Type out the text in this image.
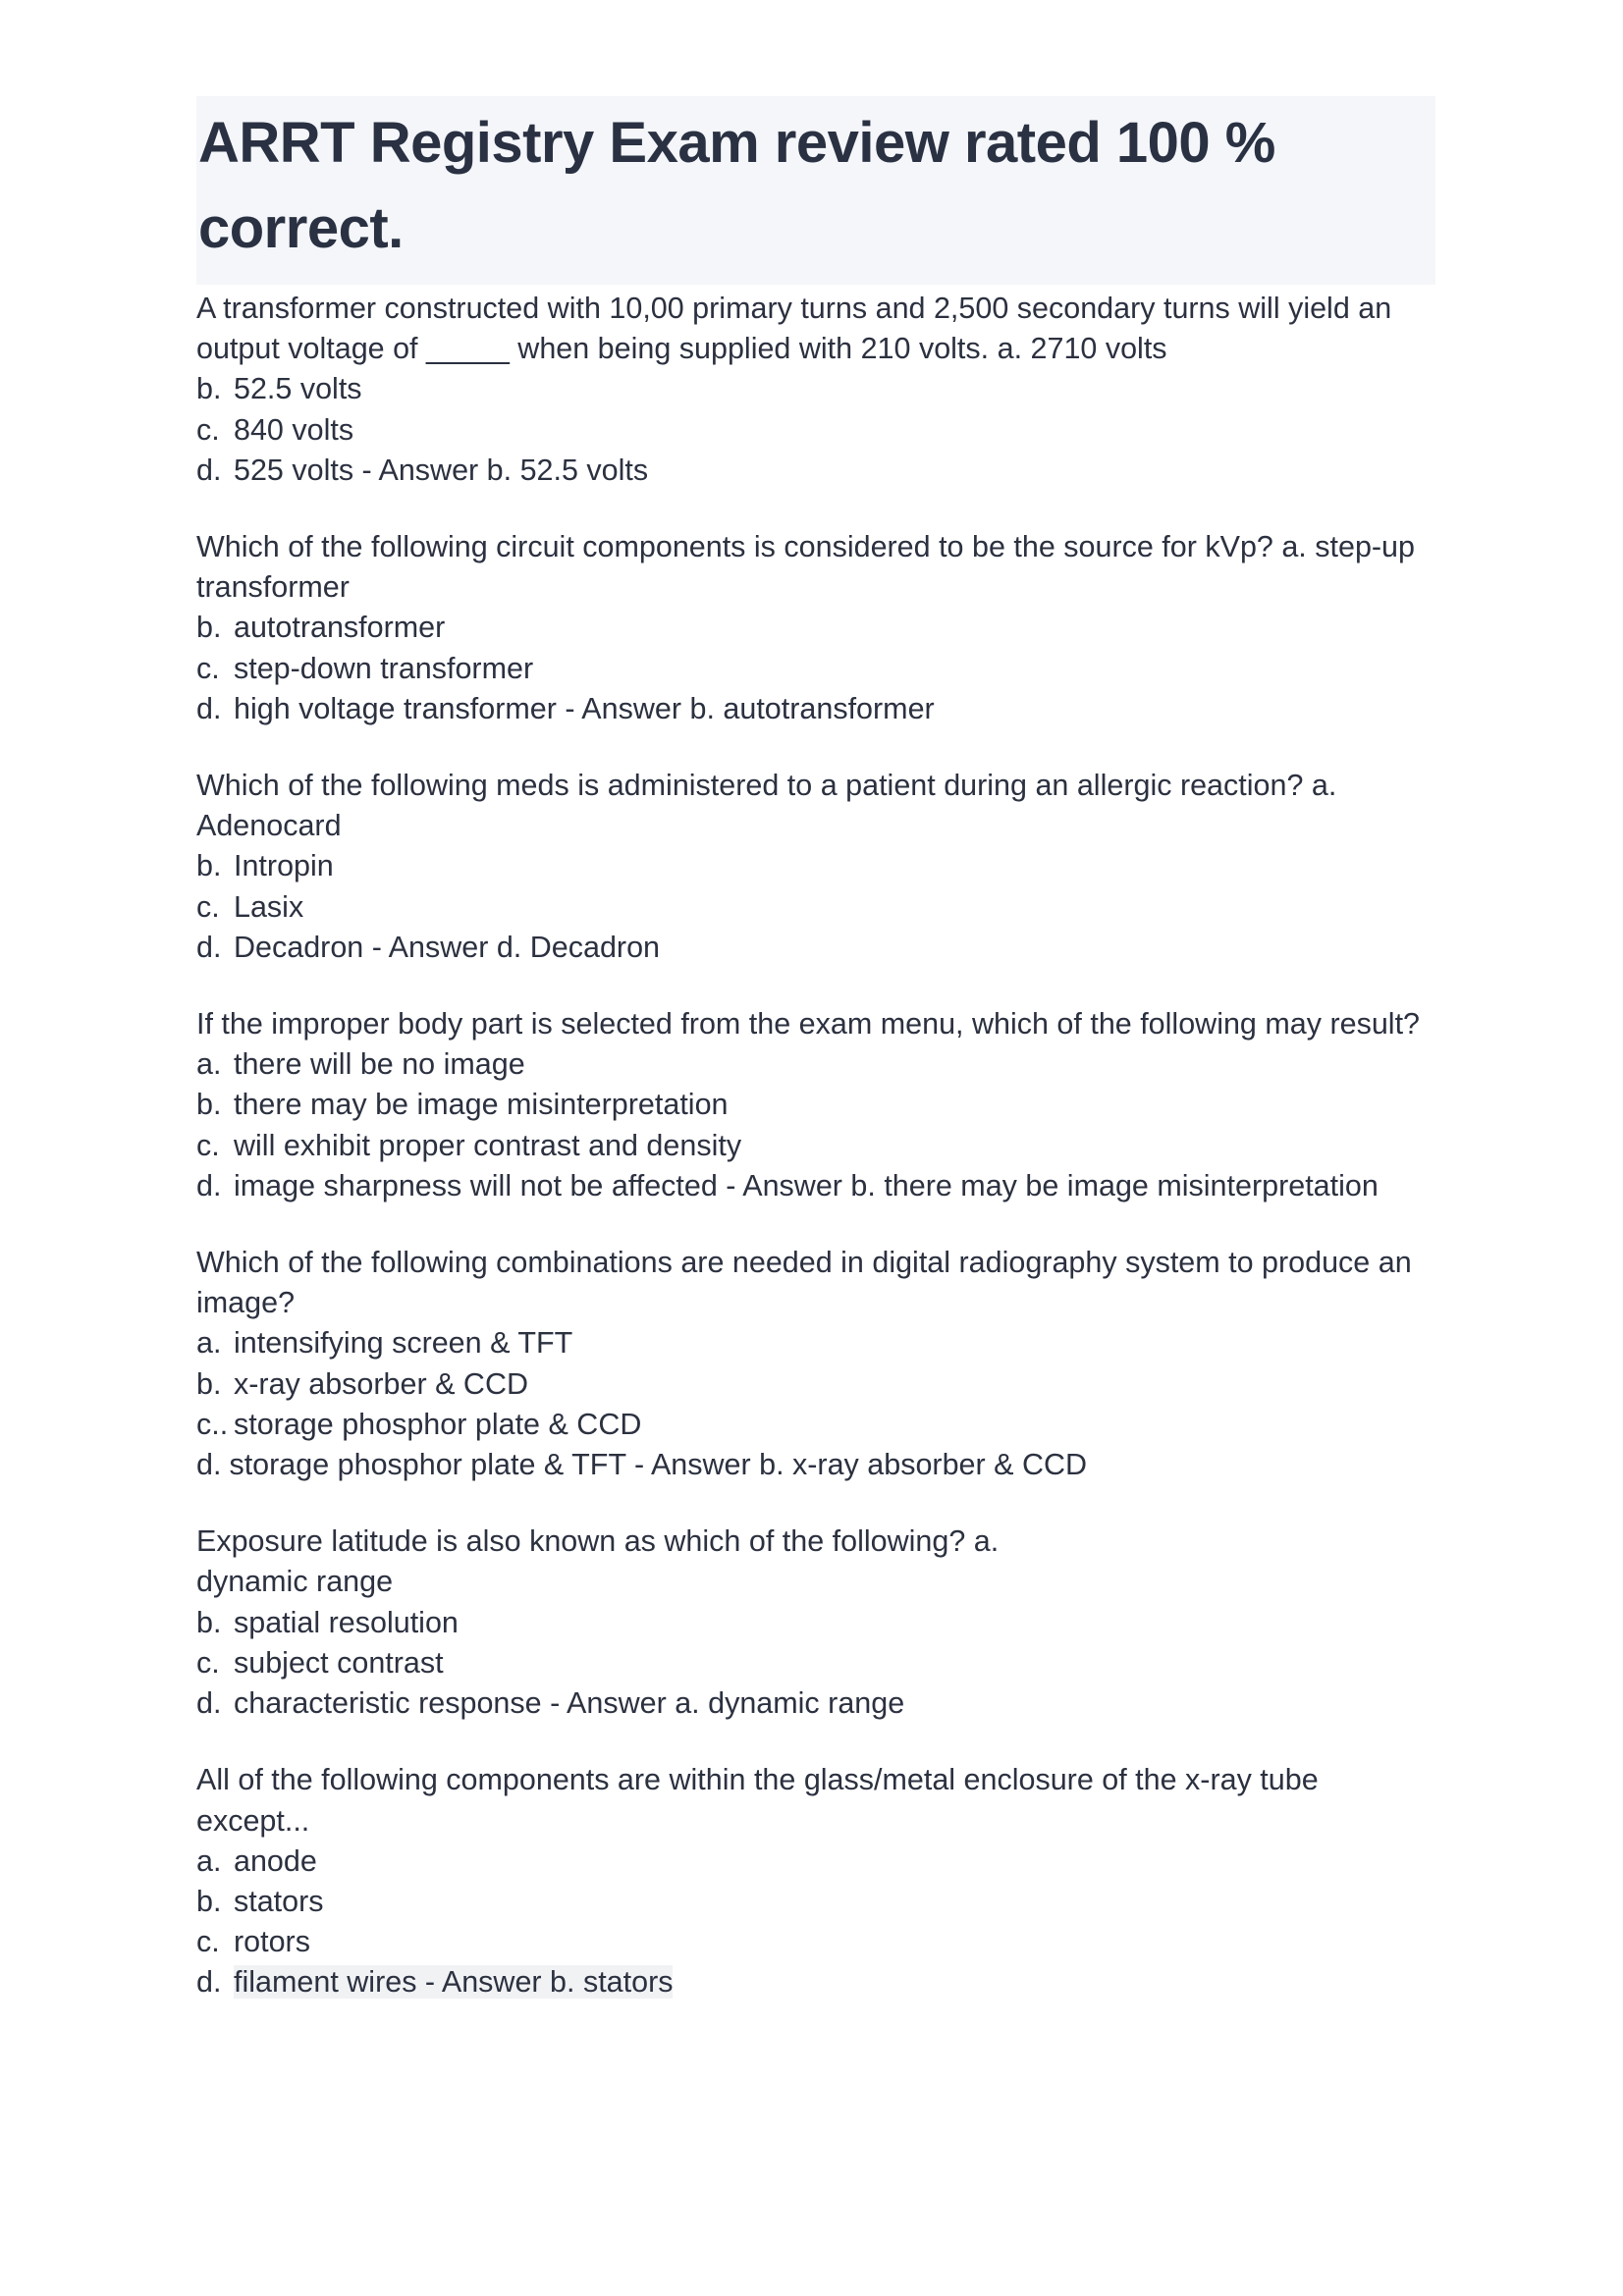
ARRT Registry Exam review rated 100 % correct.
A transformer constructed with 10,00 primary turns and 2,500 secondary turns will yield an output voltage of _____ when being supplied with 210 volts. a. 2710 volts
b. 52.5 volts
c. 840 volts
d. 525 volts - Answer b. 52.5 volts
Which of the following circuit components is considered to be the source for kVp? a. step-up transformer
b. autotransformer
c. step-down transformer
d. high voltage transformer - Answer b. autotransformer
Which of the following meds is administered to a patient during an allergic reaction? a. Adenocard
b. Intropin
c. Lasix
d. Decadron - Answer d. Decadron
If the improper body part is selected from the exam menu, which of the following may result?
a. there will be no image
b. there may be image misinterpretation
c. will exhibit proper contrast and density
d. image sharpness will not be affected - Answer b. there may be image misinterpretation
Which of the following combinations are needed in digital radiography system to produce an image?
a. intensifying screen & TFT
b. x-ray absorber & CCD
c.. storage phosphor plate & CCD
d. storage phosphor plate & TFT - Answer b. x-ray absorber & CCD
Exposure latitude is also known as which of the following? a.
dynamic range
b. spatial resolution
c. subject contrast
d. characteristic response - Answer a. dynamic range
All of the following components are within the glass/metal enclosure of the x-ray tube except...
a. anode
b. stators
c. rotors
d. filament wires - Answer b. stators
